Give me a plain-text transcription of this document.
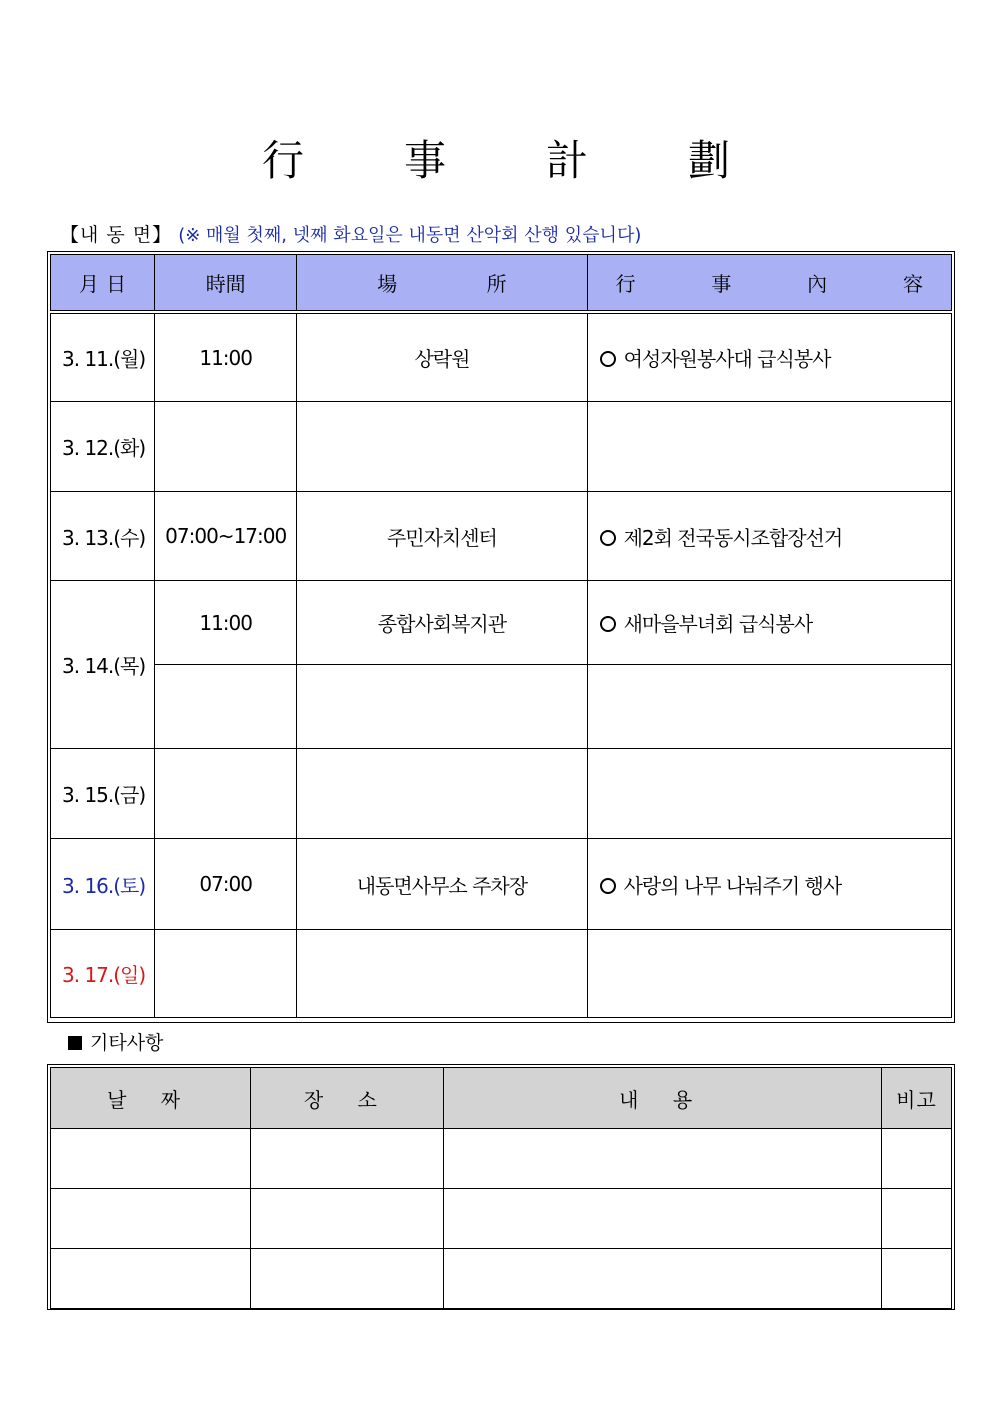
行 事 計 劃
【내 동 면】 (※ 매월 첫째, 넷째 화요일은 내동면 산악회 산행 있습니다)
月 日	時間	場 所	行 事 內 容

3. 11.(월)	11:00	상락원	여성자원봉사대 급식봉사
3. 12.(화)			
3. 13.(수)	07:00~17:00	주민자치센터	제2회 전국동시조합장선거
3. 14.(목)	11:00	종합사회복지관	새마을부녀회 급식봉사

3. 15.(금)			
3. 16.(토)	07:00	내동면사무소 주차장	사랑의 나무 나눠주기 행사
3. 17.(일)			
기타사항
날 짜	장 소	내 용	비고
